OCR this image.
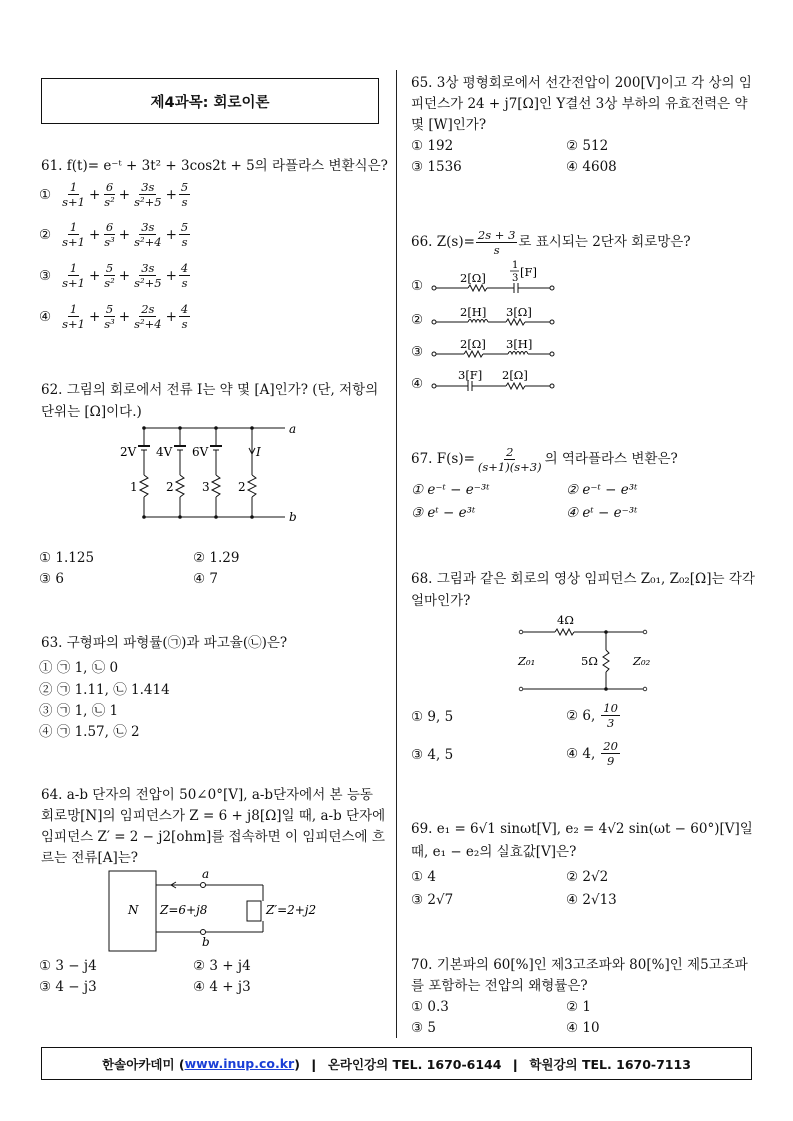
제4과목: 회로이론
61. f(t)= e⁻ᵗ + 3t² + 3cos2t + 5의 라플라스 변환식은?
① $\frac{1}{s+1} + \frac{6}{\text{s²}} + \frac{3s}{\text{s²+5}} + \frac{5}{s}$
② $\frac{1}{s+1} + \frac{6}{\text{s³}} + \frac{3s}{\text{s²+4}} + \frac{5}{s}$
③ $\frac{1}{s+1} + \frac{5}{\text{s²}} + \frac{3s}{\text{s²+5}} + \frac{4}{s}$
④ $\frac{1}{s+1} + \frac{5}{\text{s³}} + \frac{2s}{\text{s²+4}} + \frac{4}{s}$
62. 그림의 회로에서 전류 I는 약 몇 [A]인가? (단, 저항의
단위는 [Ω]이다.)
2V 4V 6V	I
1 2 3 2
a
b
① 1.125	② 1.29
③ 6	④ 7
63. 구형파의 파형률(㉠)과 파고율(㉡)은?
① ㉠ 1, ㉡ 0
② ㉠ 1.11, ㉡ 1.414
③ ㉠ 1, ㉡ 1
④ ㉠ 1.57, ㉡ 2
64. a-b 단자의 전압이 50∠0°[V], a-b단자에서 본 능동
회로망[N]의 임피던스가 Z = 6 + j8[Ω]일 때, a-b 단자에
임피던스 Z′ = 2 − j2[ohm]를 접속하면 이 임피던스에 흐
르는 전류[A]는?
N Z=6+j8	Z′=2+j2
a
b
① 3 − j4	② 3 + j4
③ 4 − j3	④ 4 + j3
65. 3상 평형회로에서 선간전압이 200[V]이고 각 상의 임
피던스가 24 + j7[Ω]인 Y결선 3상 부하의 유효전력은 약
몇 [W]인가?
① 192	② 512
③ 1536	④ 4608
66. $Z(s)= \frac{2s + 3}{s}$ 로 표시되는 2단자 회로망은?
①
②
③
④
2[Ω]
1
3 [F]
2[H] 3[Ω]
2[Ω] 3[H]
3[F] 2[Ω]
67. $F(s)= \frac{2}{(s+1)(s+3)}$ 의 역라플라스 변환은?
① e⁻ᵗ − e⁻³ᵗ	② e⁻ᵗ − e³ᵗ
③ eᵗ − e³ᵗ	④ eᵗ − e⁻³ᵗ
68. 그림과 같은 회로의 영상 임피던스 Z₀₁, Z₀₂[Ω]는 각각
얼마인가?
4Ω
5Ω
Z₀₁	Z₀₂
① 9, 5	② 6, $\frac{10}{3}$
③ 4, 5	④ 4, $\frac{20}{9}$
69. e₁ = 6√1 sinωt[V], e₂ = 4√2 sin(ωt − 60°)[V]일
때, e₁ − e₂의 실효값[V]은?
① 4	② 2√2
③ 2√7	④ 2√13
70. 기본파의 60[%]인 제3고조파와 80[%]인 제5고조파
를 포함하는 전압의 왜형률은?
① 0.3	② 1
③ 5	④ 10
한솔아카데미 ( www.inup.co.kr )  ❙  온라인강의 TEL. 1670-6144  ❙  학원강의 TEL. 1670-7113
